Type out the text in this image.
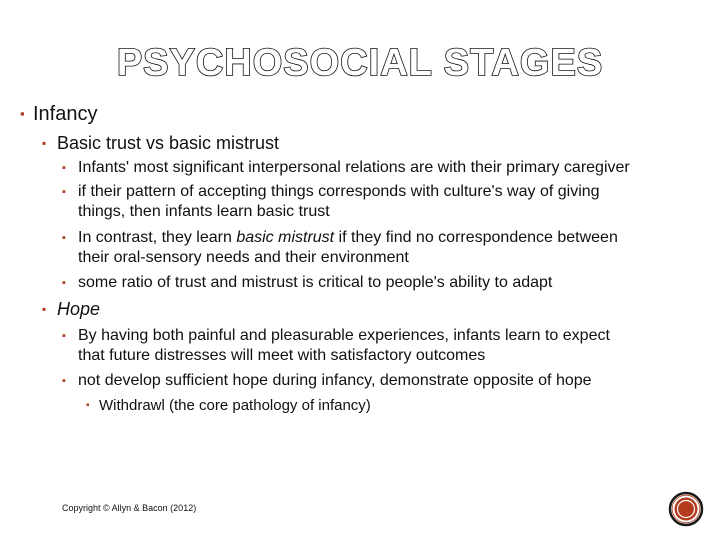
PSYCHOSOCIAL STAGES
▪ Infancy
▪ Basic trust vs basic mistrust
▪ Infants' most significant interpersonal relations are with their primary caregiver
▪ if their pattern of accepting things corresponds with culture's way of giving
things, then infants learn basic trust
▪ In contrast, they learn basic mistrust if they find no correspondence between
their oral-sensory needs and their environment
▪ some ratio of trust and mistrust is critical to people's ability to adapt
▪ Hope
▪ By having both painful and pleasurable experiences, infants learn to expect
that future distresses will meet with satisfactory outcomes
▪ not develop sufficient hope during infancy, demonstrate opposite of hope
▪ Withdrawl (the core pathology of infancy)
Copyright © Allyn & Bacon (2012)
